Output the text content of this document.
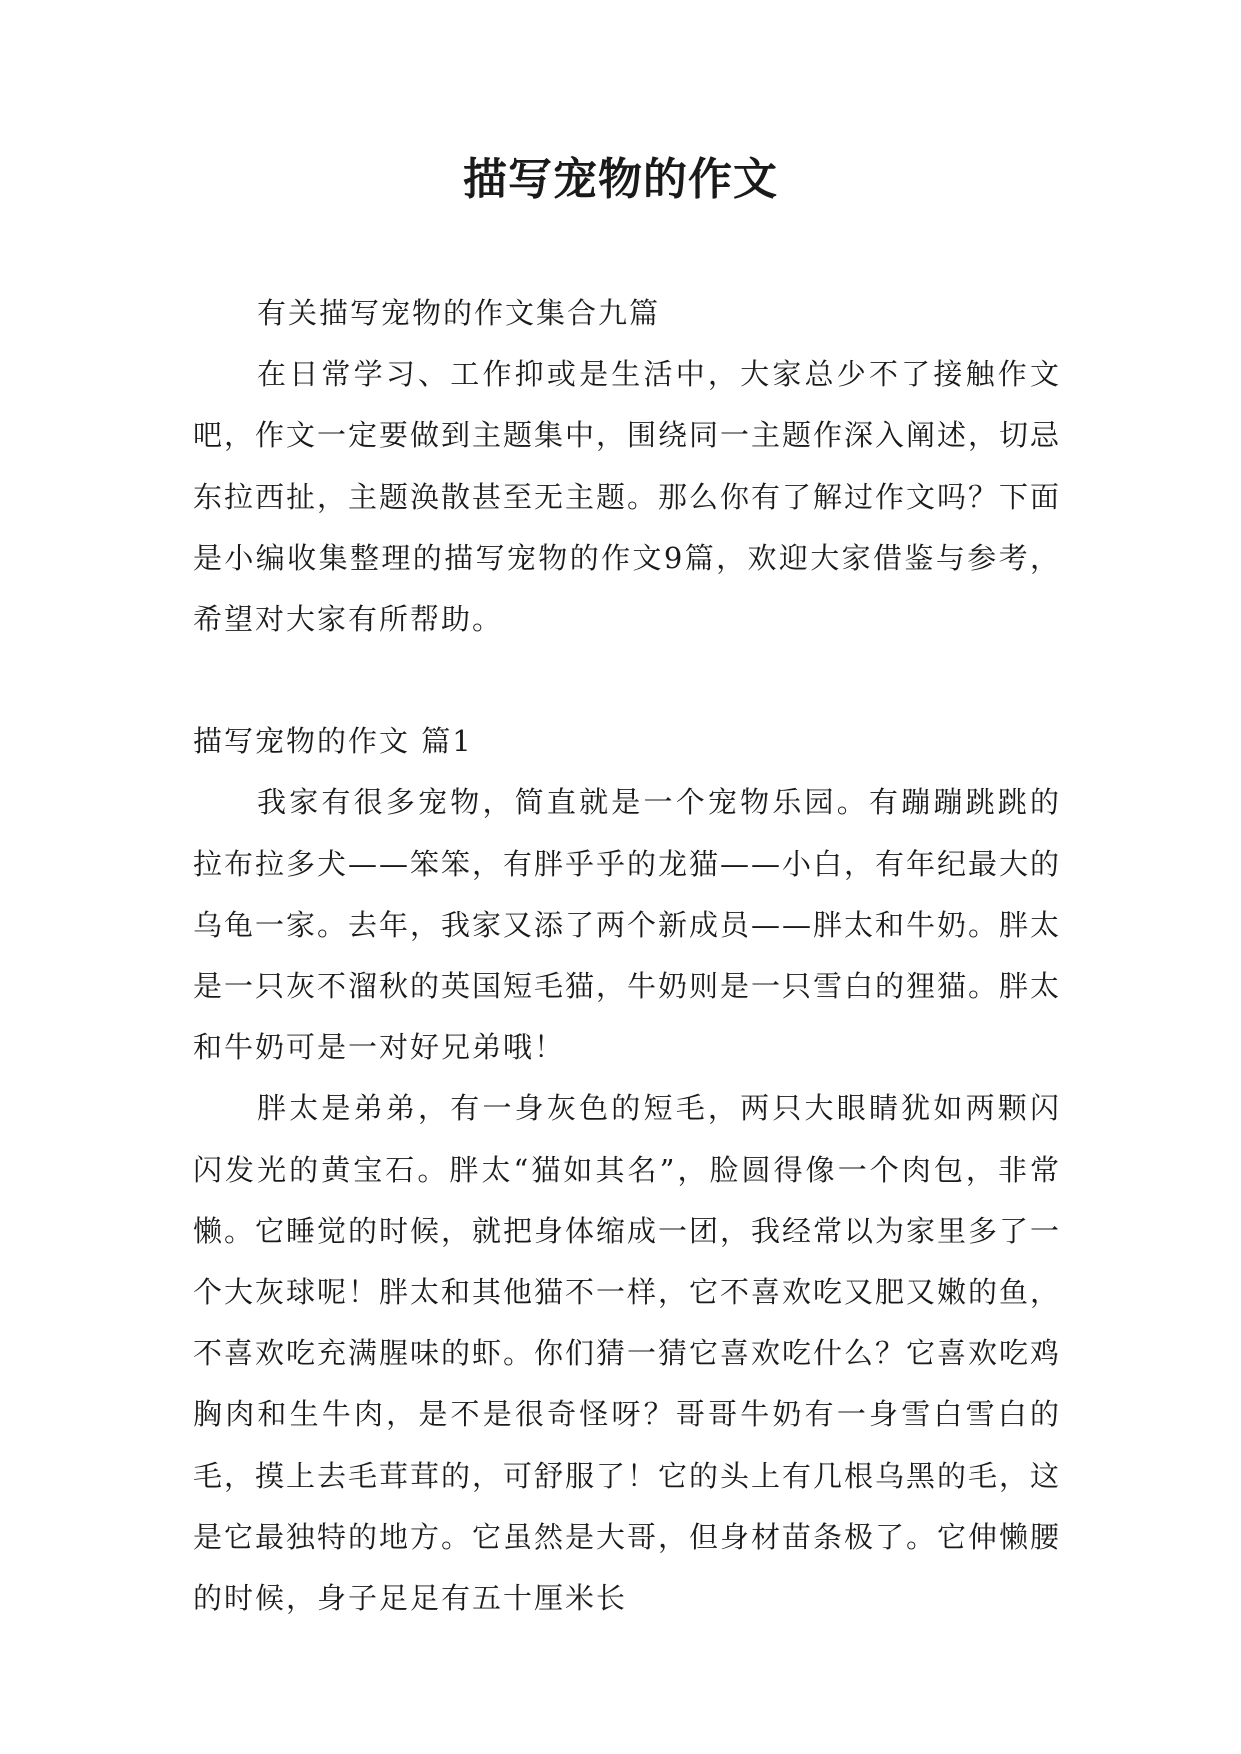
描写宠物的作文

有关描写宠物的作文集合九篇

在日常学习、工作抑或是生活中，大家总少不了接触作文吧，作文一定要做到主题集中，围绕同一主题作深入阐述，切忌东拉西扯，主题涣散甚至无主题。那么你有了解过作文吗？下面是小编收集整理的描写宠物的作文9篇，欢迎大家借鉴与参考，希望对大家有所帮助。

描写宠物的作文 篇1

我家有很多宠物，简直就是一个宠物乐园。有蹦蹦跳跳的拉布拉多犬——笨笨，有胖乎乎的龙猫——小白，有年纪最大的乌龟一家。去年，我家又添了两个新成员——胖太和牛奶。胖太是一只灰不溜秋的英国短毛猫，牛奶则是一只雪白的狸猫。胖太和牛奶可是一对好兄弟哦！

胖太是弟弟，有一身灰色的短毛，两只大眼睛犹如两颗闪闪发光的黄宝石。胖太“猫如其名”，脸圆得像一个肉包，非常懒。它睡觉的时候，就把身体缩成一团，我经常以为家里多了一个大灰球呢！胖太和其他猫不一样，它不喜欢吃又肥又嫩的鱼，不喜欢吃充满腥味的虾。你们猜一猜它喜欢吃什么？它喜欢吃鸡胸肉和生牛肉，是不是很奇怪呀？哥哥牛奶有一身雪白雪白的毛，摸上去毛茸茸的，可舒服了！它的头上有几根乌黑的毛，这是它最独特的地方。它虽然是大哥，但身材苗条极了。它伸懒腰的时候，身子足足有五十厘米长
